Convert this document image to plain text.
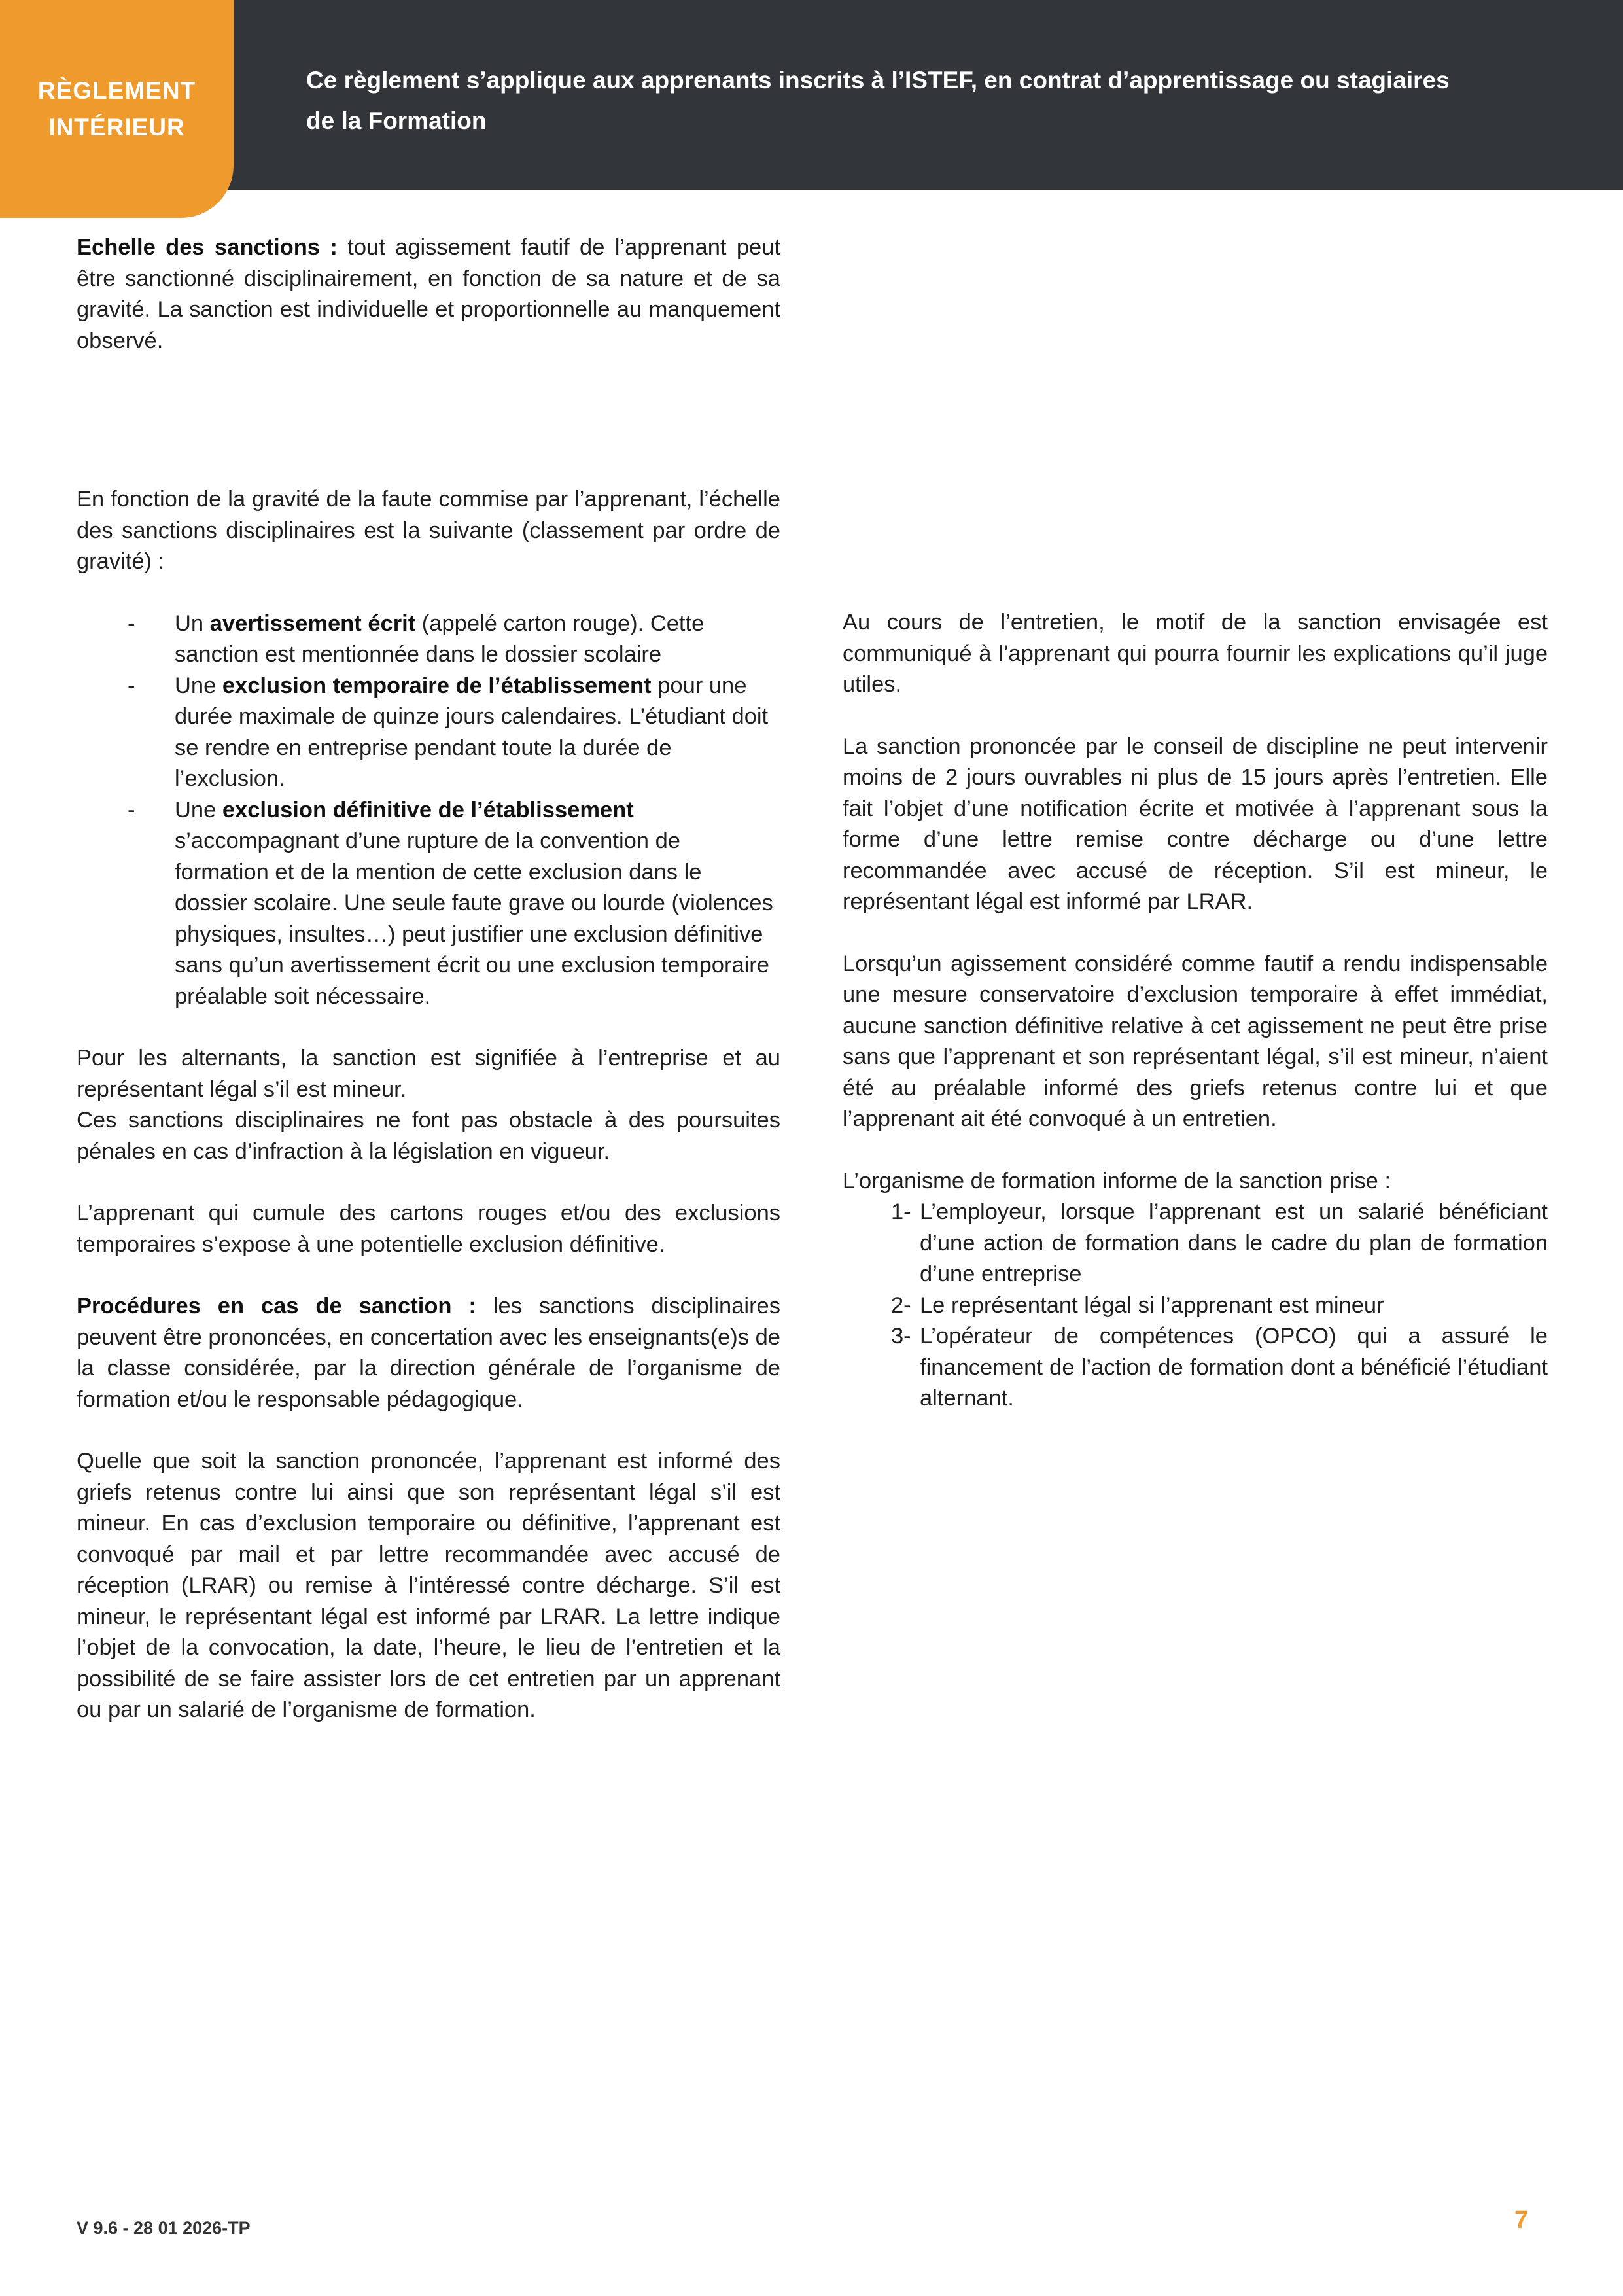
Ce règlement s’applique aux apprenants inscrits à l’ISTEF, en contrat d’apprentissage ou stagiaires
de la Formation
RÈGLEMENT
INTÉRIEUR

Echelle des sanctions : tout agissement fautif de l’apprenant peut être sanctionné disciplinairement, en fonction de sa nature et de sa gravité. La sanction est individuelle et proportionnelle au manquement observé.

En fonction de la gravité de la faute commise par l’apprenant, l’échelle des sanctions disciplinaires est la suivante (classement par ordre de gravité) :

- Un avertissement écrit (appelé carton rouge). Cette sanction est mentionnée dans le dossier scolaire
- Une exclusion temporaire de l’établissement pour une durée maximale de quinze jours calendaires. L’étudiant doit se rendre en entreprise pendant toute la durée de l’exclusion.
- Une exclusion définitive de l’établissement s’accompagnant d’une rupture de la convention de formation et de la mention de cette exclusion dans le dossier scolaire. Une seule faute grave ou lourde (violences physiques, insultes…) peut justifier une exclusion définitive sans qu’un avertissement écrit ou une exclusion temporaire préalable soit nécessaire.

Pour les alternants, la sanction est signifiée à l’entreprise et au représentant légal s’il est mineur.

Ces sanctions disciplinaires ne font pas obstacle à des poursuites pénales en cas d’infraction à la législation en vigueur.

L’apprenant qui cumule des cartons rouges et/ou des exclusions temporaires s’expose à une potentielle exclusion définitive.

Procédures en cas de sanction : les sanctions disciplinaires peuvent être prononcées, en concertation avec les enseignants(e)s de la classe considérée, par la direction générale de l’organisme de formation et/ou le responsable pédagogique.

Quelle que soit la sanction prononcée, l’apprenant est informé des griefs retenus contre lui ainsi que son représentant légal s’il est mineur. En cas d’exclusion temporaire ou définitive, l’apprenant est convoqué par mail et par lettre recommandée avec accusé de réception (LRAR) ou remise à l’intéressé contre décharge. S’il est mineur, le représentant légal est informé par LRAR. La lettre indique l’objet de la convocation, la date, l’heure, le lieu de l’entretien et la possibilité de se faire assister lors de cet entretien par un apprenant ou par un salarié de l’organisme de formation.

Au cours de l’entretien, le motif de la sanction envisagée est communiqué à l’apprenant qui pourra fournir les explications qu’il juge utiles.

La sanction prononcée par le conseil de discipline ne peut intervenir moins de 2 jours ouvrables ni plus de 15 jours après l’entretien. Elle fait l’objet d’une notification écrite et motivée à l’apprenant sous la forme d’une lettre remise contre décharge ou d’une lettre recommandée avec accusé de réception. S’il est mineur, le représentant légal est informé par LRAR.

Lorsqu’un agissement considéré comme fautif a rendu indispensable une mesure conservatoire d’exclusion temporaire à effet immédiat, aucune sanction définitive relative à cet agissement ne peut être prise sans que l’apprenant et son représentant légal, s’il est mineur, n’aient été au préalable informé des griefs retenus contre lui et que l’apprenant ait été convoqué à un entretien.

L’organisme de formation informe de la sanction prise :

1- L’employeur, lorsque l’apprenant est un salarié bénéficiant d’une action de formation dans le cadre du plan de formation d’une entreprise
2- Le représentant légal si l’apprenant est mineur
3- L’opérateur de compétences (OPCO) qui a assuré le financement de l’action de formation dont a bénéficié l’étudiant alternant.
V 9.6 - 28 01 2026-TP	7
